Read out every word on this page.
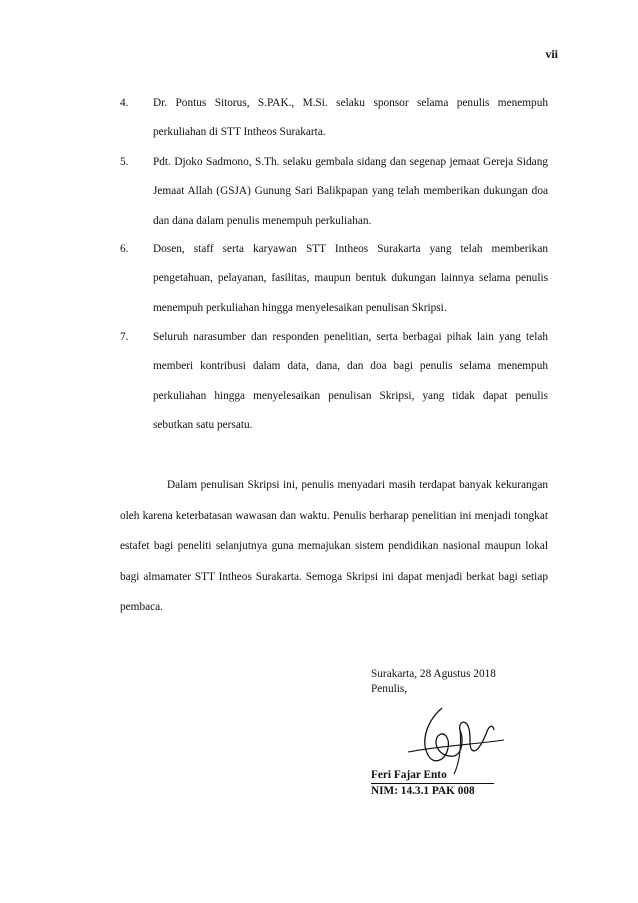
vii
4. Dr. Pontus Sitorus, S.PAK., M.Si. selaku sponsor selama penulis menempuh perkuliahan di STT Intheos Surakarta.
5. Pdt. Djoko Sadmono, S.Th. selaku gembala sidang dan segenap jemaat Gereja Sidang Jemaat Allah (GSJA) Gunung Sari Balikpapan yang telah memberikan dukungan doa dan dana dalam penulis menempuh perkuliahan.
6. Dosen, staff serta karyawan STT Intheos Surakarta yang telah memberikan pengetahuan, pelayanan, fasilitas, maupun bentuk dukungan lainnya selama penulis menempuh perkuliahan hingga menyelesaikan penulisan Skripsi.
7. Seluruh narasumber dan responden penelitian, serta berbagai pihak lain yang telah memberi kontribusi dalam data, dana, dan doa bagi penulis selama menempuh perkuliahan hingga menyelesaikan penulisan Skripsi, yang tidak dapat penulis sebutkan satu persatu.
Dalam penulisan Skripsi ini, penulis menyadari masih terdapat banyak kekurangan oleh karena keterbatasan wawasan dan waktu. Penulis berharap penelitian ini menjadi tongkat estafet bagi peneliti selanjutnya guna memajukan sistem pendidikan nasional maupun lokal bagi almamater STT Intheos Surakarta. Semoga Skripsi ini dapat menjadi berkat bagi setiap pembaca.
Surakarta, 28 Agustus 2018
Penulis,
Feri Fajar Ento
NIM: 14.3.1 PAK 008
